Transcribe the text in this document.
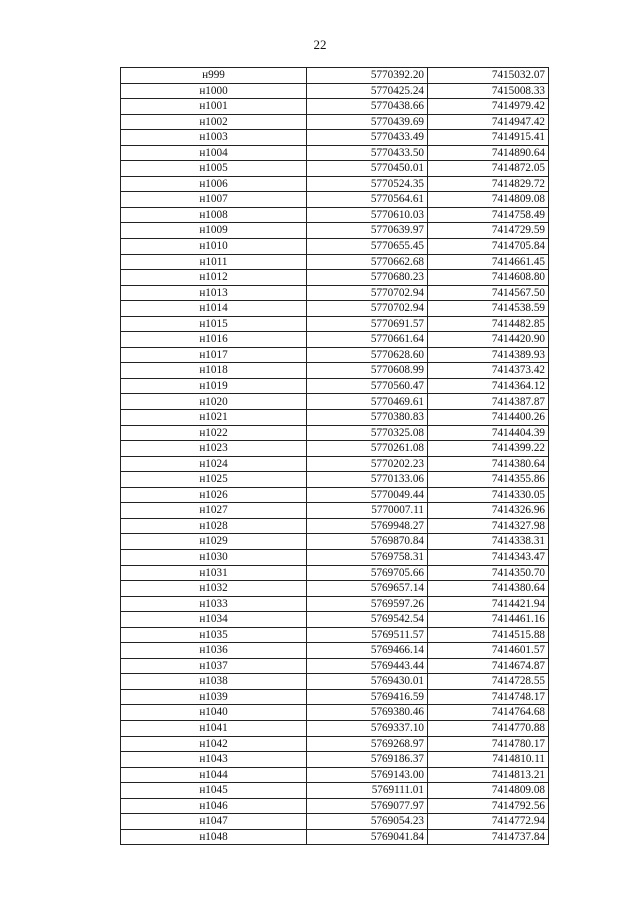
22
н999	5770392.20	7415032.07
н1000	5770425.24	7415008.33
н1001	5770438.66	7414979.42
н1002	5770439.69	7414947.42
н1003	5770433.49	7414915.41
н1004	5770433.50	7414890.64
н1005	5770450.01	7414872.05
н1006	5770524.35	7414829.72
н1007	5770564.61	7414809.08
н1008	5770610.03	7414758.49
н1009	5770639.97	7414729.59
н1010	5770655.45	7414705.84
н1011	5770662.68	7414661.45
н1012	5770680.23	7414608.80
н1013	5770702.94	7414567.50
н1014	5770702.94	7414538.59
н1015	5770691.57	7414482.85
н1016	5770661.64	7414420.90
н1017	5770628.60	7414389.93
н1018	5770608.99	7414373.42
н1019	5770560.47	7414364.12
н1020	5770469.61	7414387.87
н1021	5770380.83	7414400.26
н1022	5770325.08	7414404.39
н1023	5770261.08	7414399.22
н1024	5770202.23	7414380.64
н1025	5770133.06	7414355.86
н1026	5770049.44	7414330.05
н1027	5770007.11	7414326.96
н1028	5769948.27	7414327.98
н1029	5769870.84	7414338.31
н1030	5769758.31	7414343.47
н1031	5769705.66	7414350.70
н1032	5769657.14	7414380.64
н1033	5769597.26	7414421.94
н1034	5769542.54	7414461.16
н1035	5769511.57	7414515.88
н1036	5769466.14	7414601.57
н1037	5769443.44	7414674.87
н1038	5769430.01	7414728.55
н1039	5769416.59	7414748.17
н1040	5769380.46	7414764.68
н1041	5769337.10	7414770.88
н1042	5769268.97	7414780.17
н1043	5769186.37	7414810.11
н1044	5769143.00	7414813.21
н1045	5769111.01	7414809.08
н1046	5769077.97	7414792.56
н1047	5769054.23	7414772.94
н1048	5769041.84	7414737.84
